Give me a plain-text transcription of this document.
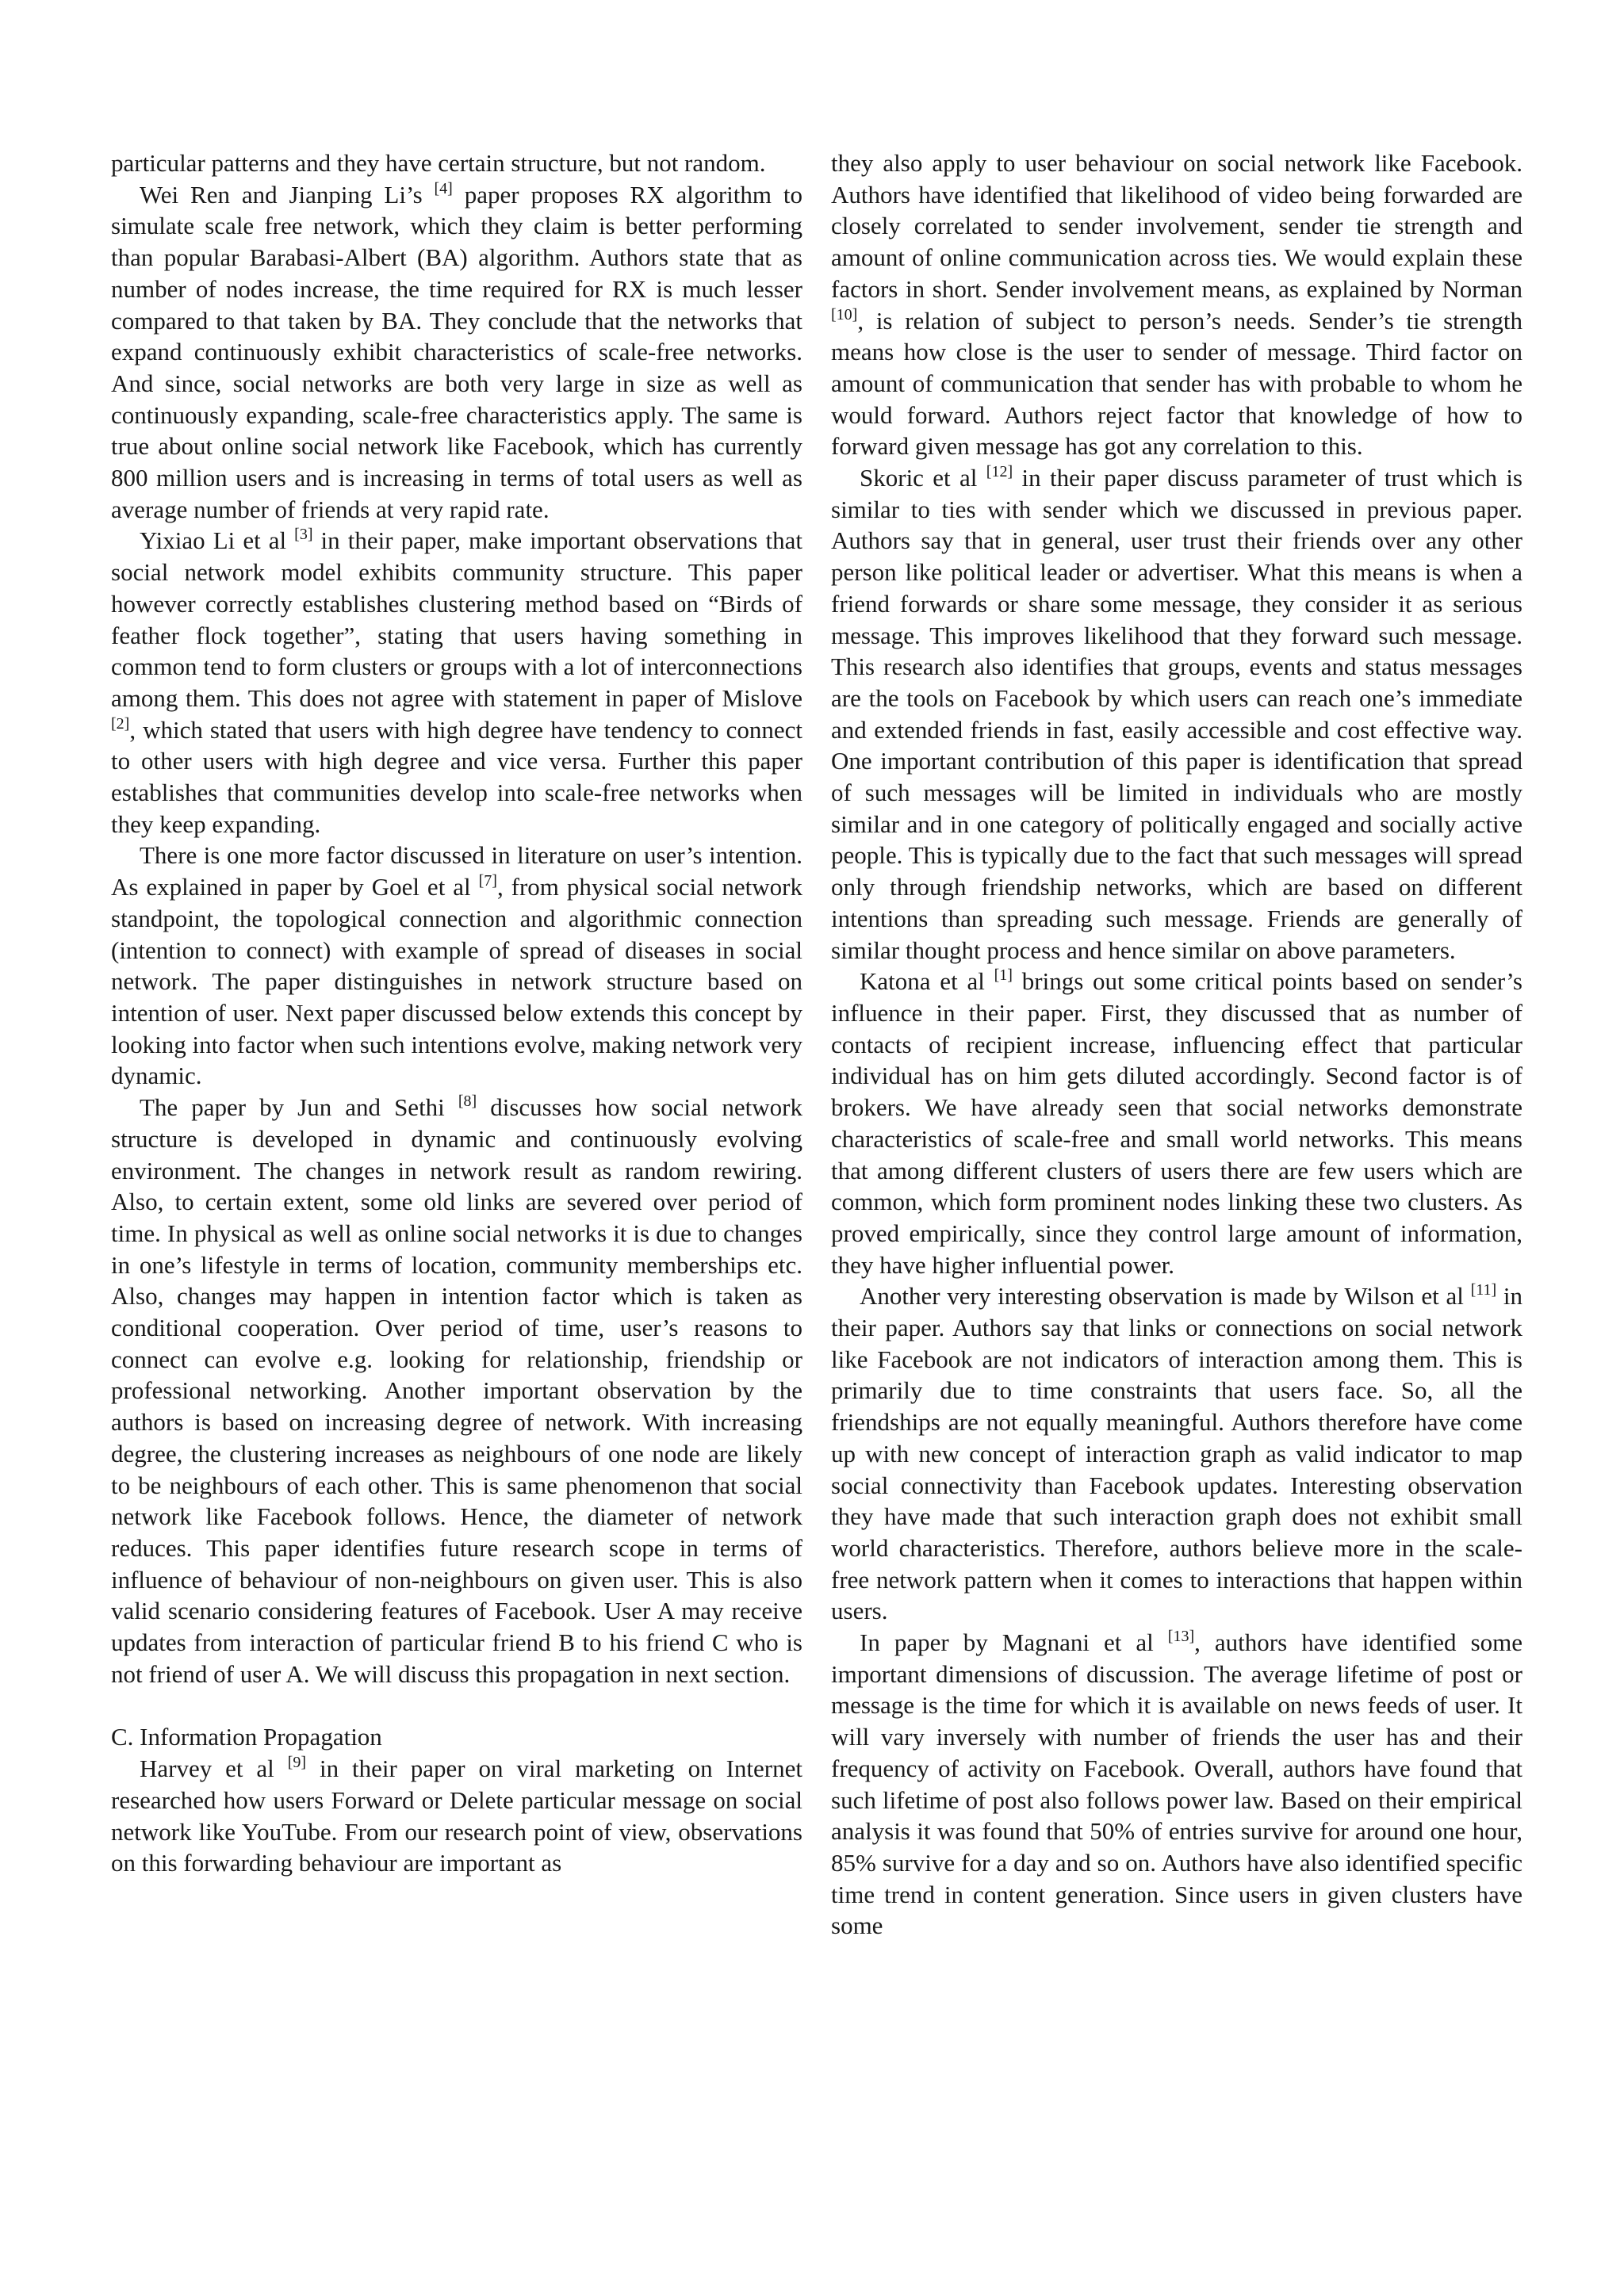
particular patterns and they have certain structure, but not random.

Wei Ren and Jianping Li’s [4] paper proposes RX algorithm to simulate scale free network, which they claim is better performing than popular Barabasi-Albert (BA) algorithm. Authors state that as number of nodes increase, the time required for RX is much lesser compared to that taken by BA. They conclude that the networks that expand continuously exhibit characteristics of scale-free networks. And since, social networks are both very large in size as well as continuously expanding, scale-free characteristics apply. The same is true about online social network like Facebook, which has currently 800 million users and is increasing in terms of total users as well as average number of friends at very rapid rate.

Yixiao Li et al [3] in their paper, make important observations that social network model exhibits community structure. This paper however correctly establishes clustering method based on “Birds of feather flock together”, stating that users having something in common tend to form clusters or groups with a lot of interconnections among them. This does not agree with statement in paper of Mislove [2], which stated that users with high degree have tendency to connect to other users with high degree and vice versa. Further this paper establishes that communities develop into scale-free networks when they keep expanding.

There is one more factor discussed in literature on user’s intention. As explained in paper by Goel et al [7], from physical social network standpoint, the topological connection and algorithmic connection (intention to connect) with example of spread of diseases in social network. The paper distinguishes in network structure based on intention of user. Next paper discussed below extends this concept by looking into factor when such intentions evolve, making network very dynamic.

The paper by Jun and Sethi [8] discusses how social network structure is developed in dynamic and continuously evolving environment. The changes in network result as random rewiring. Also, to certain extent, some old links are severed over period of time. In physical as well as online social networks it is due to changes in one’s lifestyle in terms of location, community memberships etc. Also, changes may happen in intention factor which is taken as conditional cooperation. Over period of time, user’s reasons to connect can evolve e.g. looking for relationship, friendship or professional networking. Another important observation by the authors is based on increasing degree of network. With increasing degree, the clustering increases as neighbours of one node are likely to be neighbours of each other. This is same phenomenon that social network like Facebook follows. Hence, the diameter of network reduces. This paper identifies future research scope in terms of influence of behaviour of non-neighbours on given user. This is also valid scenario considering features of Facebook. User A may receive updates from interaction of particular friend B to his friend C who is not friend of user A. We will discuss this propagation in next section.

C. Information Propagation

Harvey et al [9] in their paper on viral marketing on Internet researched how users Forward or Delete particular message on social network like YouTube. From our research point of view, observations on this forwarding behaviour are important as

they also apply to user behaviour on social network like Facebook. Authors have identified that likelihood of video being forwarded are closely correlated to sender involvement, sender tie strength and amount of online communication across ties. We would explain these factors in short. Sender involvement means, as explained by Norman [10], is relation of subject to person’s needs. Sender’s tie strength means how close is the user to sender of message. Third factor on amount of communication that sender has with probable to whom he would forward. Authors reject factor that knowledge of how to forward given message has got any correlation to this.

Skoric et al [12] in their paper discuss parameter of trust which is similar to ties with sender which we discussed in previous paper. Authors say that in general, user trust their friends over any other person like political leader or advertiser. What this means is when a friend forwards or share some message, they consider it as serious message. This improves likelihood that they forward such message. This research also identifies that groups, events and status messages are the tools on Facebook by which users can reach one’s immediate and extended friends in fast, easily accessible and cost effective way. One important contribution of this paper is identification that spread of such messages will be limited in individuals who are mostly similar and in one category of politically engaged and socially active people. This is typically due to the fact that such messages will spread only through friendship networks, which are based on different intentions than spreading such message. Friends are generally of similar thought process and hence similar on above parameters.

Katona et al [1] brings out some critical points based on sender’s influence in their paper. First, they discussed that as number of contacts of recipient increase, influencing effect that particular individual has on him gets diluted accordingly. Second factor is of brokers. We have already seen that social networks demonstrate characteristics of scale-free and small world networks. This means that among different clusters of users there are few users which are common, which form prominent nodes linking these two clusters. As proved empirically, since they control large amount of information, they have higher influential power.

Another very interesting observation is made by Wilson et al [11] in their paper. Authors say that links or connections on social network like Facebook are not indicators of interaction among them. This is primarily due to time constraints that users face. So, all the friendships are not equally meaningful. Authors therefore have come up with new concept of interaction graph as valid indicator to map social connectivity than Facebook updates. Interesting observation they have made that such interaction graph does not exhibit small world characteristics. Therefore, authors believe more in the scale-free network pattern when it comes to interactions that happen within users.

In paper by Magnani et al [13], authors have identified some important dimensions of discussion. The average lifetime of post or message is the time for which it is available on news feeds of user. It will vary inversely with number of friends the user has and their frequency of activity on Facebook. Overall, authors have found that such lifetime of post also follows power law. Based on their empirical analysis it was found that 50% of entries survive for around one hour, 85% survive for a day and so on. Authors have also identified specific time trend in content generation. Since users in given clusters have some
